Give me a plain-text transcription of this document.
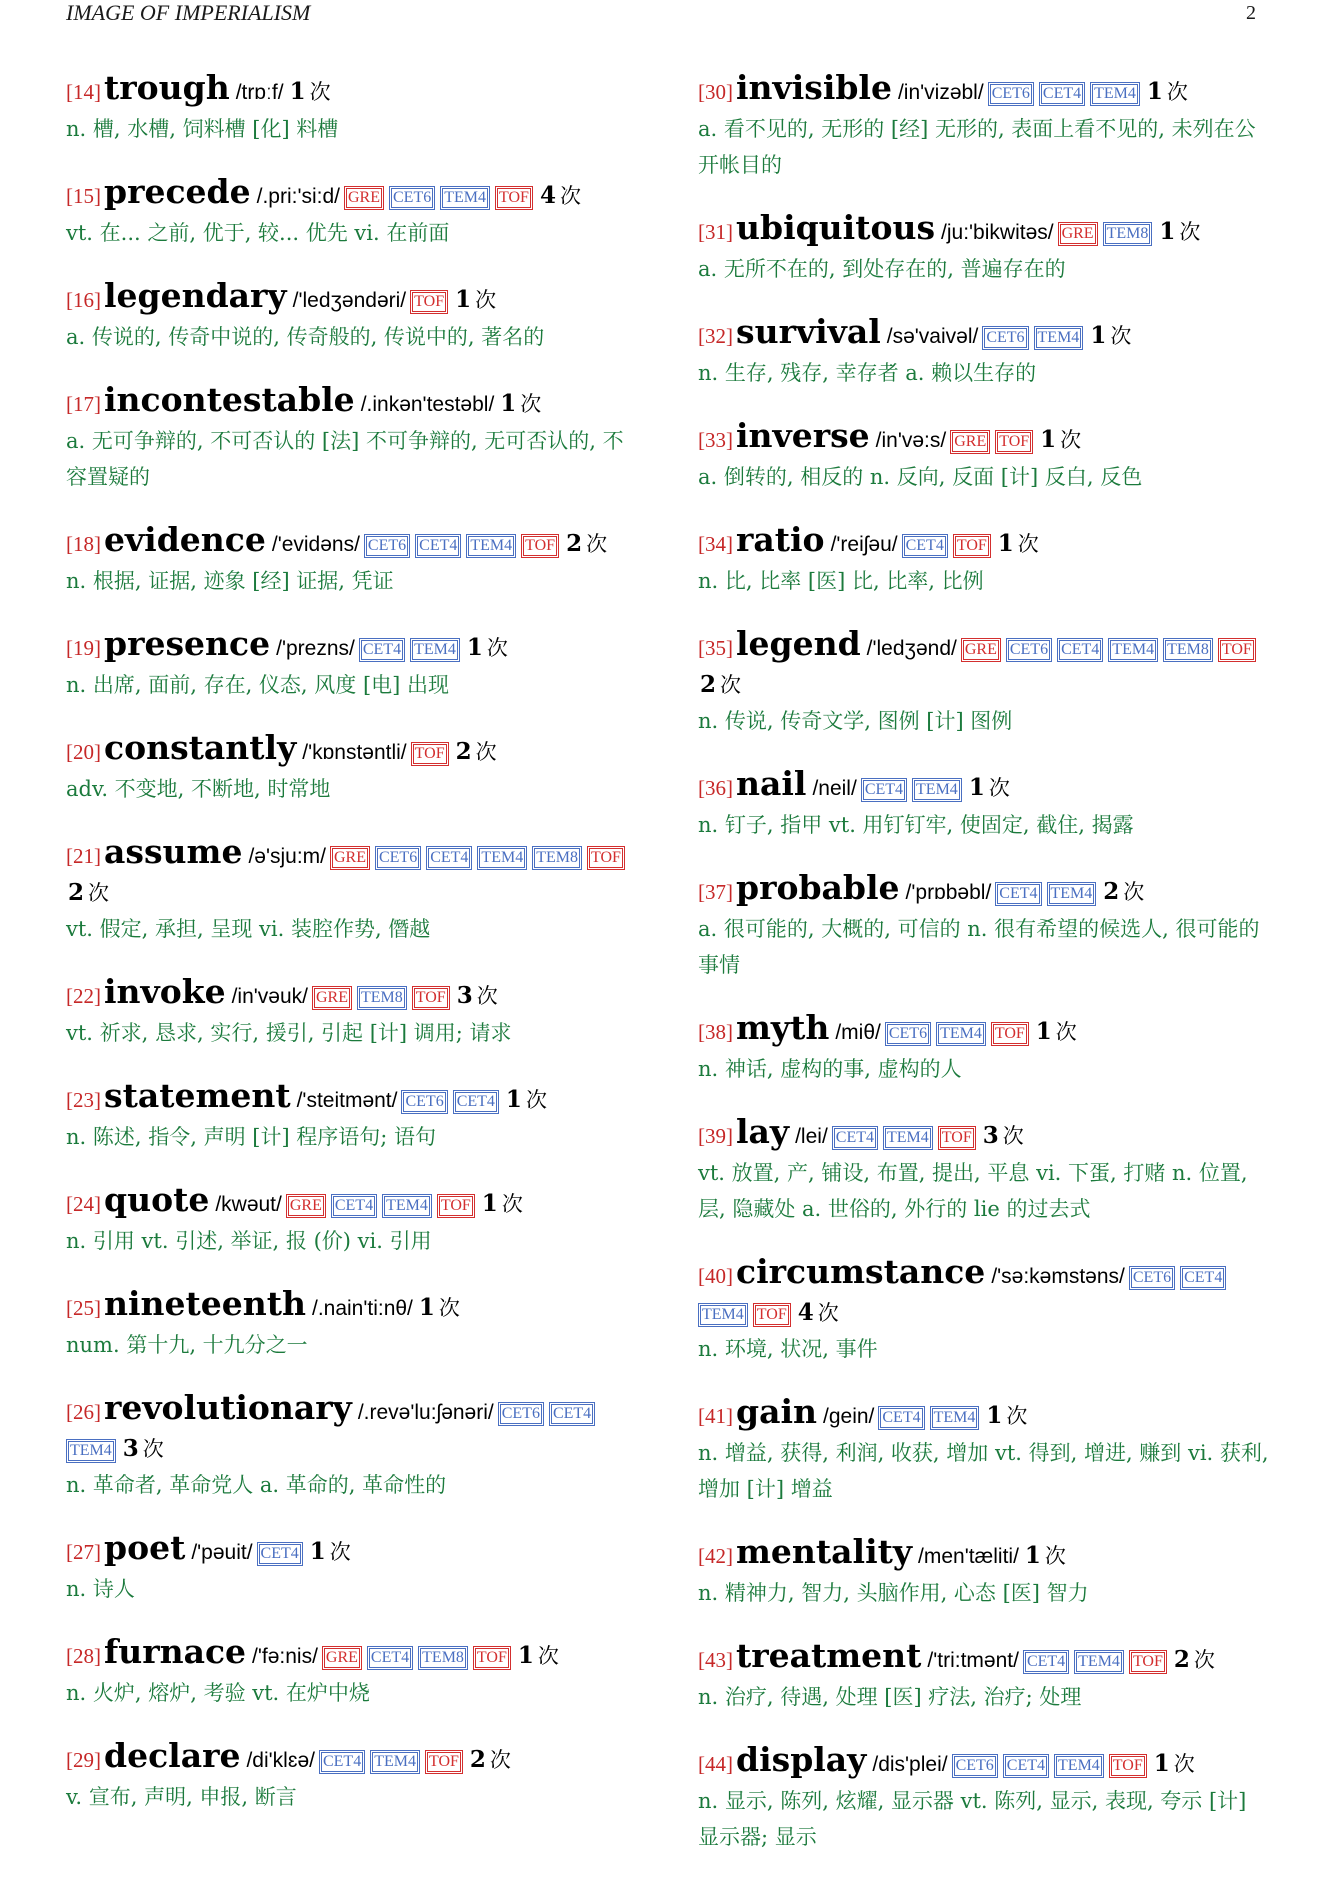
IMAGE OF IMPERIALISM	2
[14]trough /trɒːf/ 1 次

n. 槽, 水槽, 饲料槽 [化] 料槽

[15]precede /.pri:'si:d/ GRE CET6 TEM4 TOF 4 次

vt. 在... 之前, 优于, 较... 优先 vi. 在前面

[16]legendary /'ledʒəndəri/ TOF 1 次

a. 传说的, 传奇中说的, 传奇般的, 传说中的, 著名的

[17]incontestable /.inkən'testəbl/ 1 次

a. 无可争辩的, 不可否认的 [法] 不可争辩的, 无可否认的, 不容置疑的

[18]evidence /'evidəns/ CET6 CET4 TEM4 TOF 2 次

n. 根据, 证据, 迹象 [经] 证据, 凭证

[19]presence /'prezns/ CET4 TEM4 1 次

n. 出席, 面前, 存在, 仪态, 风度 [电] 出现

[20]constantly /'kɒnstəntli/ TOF 2 次

adv. 不变地, 不断地, 时常地

[21]assume /ə'sju:m/ GRE CET6 CET4 TEM4 TEM8 TOF2 次

vt. 假定, 承担, 呈现 vi. 装腔作势, 僭越

[22]invoke /in'vəuk/ GRE TEM8 TOF 3 次

vt. 祈求, 恳求, 实行, 援引, 引起 [计] 调用; 请求

[23]statement /'steitmənt/ CET6 CET4 1 次

n. 陈述, 指令, 声明 [计] 程序语句; 语句

[24]quote /kwəut/ GRE CET4 TEM4 TOF 1 次

n. 引用 vt. 引述, 举证, 报 (价) vi. 引用

[25]nineteenth /.nain'ti:nθ/ 1 次

num. 第十九, 十九分之一

[26]revolutionary /.revə'lu:ʃənəri/ CET6 CET4TEM4 3 次

n. 革命者, 革命党人 a. 革命的, 革命性的

[27]poet /'pəuit/ CET4 1 次

n. 诗人

[28]furnace /'fə:nis/ GRE CET4 TEM8 TOF 1 次

n. 火炉, 熔炉, 考验 vt. 在炉中烧

[29]declare /di'klɛə/ CET4 TEM4 TOF 2 次

v. 宣布, 声明, 申报, 断言

[30]invisible /in'vizəbl/ CET6 CET4 TEM4 1 次

a. 看不见的, 无形的 [经] 无形的, 表面上看不见的, 未列在公开帐目的

[31]ubiquitous /ju:'bikwitəs/ GRE TEM8 1 次

a. 无所不在的, 到处存在的, 普遍存在的

[32]survival /sə'vaivəl/ CET6 TEM4 1 次

n. 生存, 残存, 幸存者 a. 赖以生存的

[33]inverse /in'və:s/ GRE TOF 1 次

a. 倒转的, 相反的 n. 反向, 反面 [计] 反白, 反色

[34]ratio /'reiʃəu/ CET4 TOF 1 次

n. 比, 比率 [医] 比, 比率, 比例

[35]legend /'ledʒənd/ GRE CET6 CET4 TEM4 TEM8 TOF2 次

n. 传说, 传奇文学, 图例 [计] 图例

[36]nail /neil/ CET4 TEM4 1 次

n. 钉子, 指甲 vt. 用钉钉牢, 使固定, 截住, 揭露

[37]probable /'prɒbəbl/ CET4 TEM4 2 次

a. 很可能的, 大概的, 可信的 n. 很有希望的候选人, 很可能的事情

[38]myth /miθ/ CET6 TEM4 TOF 1 次

n. 神话, 虚构的事, 虚构的人

[39]lay /lei/ CET4 TEM4 TOF 3 次

vt. 放置, 产, 铺设, 布置, 提出, 平息 vi. 下蛋, 打赌 n. 位置, 层, 隐藏处 a. 世俗的, 外行的 lie 的过去式

[40]circumstance /'sə:kəmstəns/ CET6 CET4TEM4 TOF 4 次

n. 环境, 状况, 事件

[41]gain /gein/ CET4 TEM4 1 次

n. 增益, 获得, 利润, 收获, 增加 vt. 得到, 增进, 赚到 vi. 获利, 增加 [计] 增益

[42]mentality /men'tæliti/ 1 次

n. 精神力, 智力, 头脑作用, 心态 [医] 智力

[43]treatment /'tri:tmənt/ CET4 TEM4 TOF 2 次

n. 治疗, 待遇, 处理 [医] 疗法, 治疗; 处理

[44]display /dis'plei/ CET6 CET4 TEM4 TOF 1 次

n. 显示, 陈列, 炫耀, 显示器 vt. 陈列, 显示, 表现, 夸示 [计] 显示器; 显示
